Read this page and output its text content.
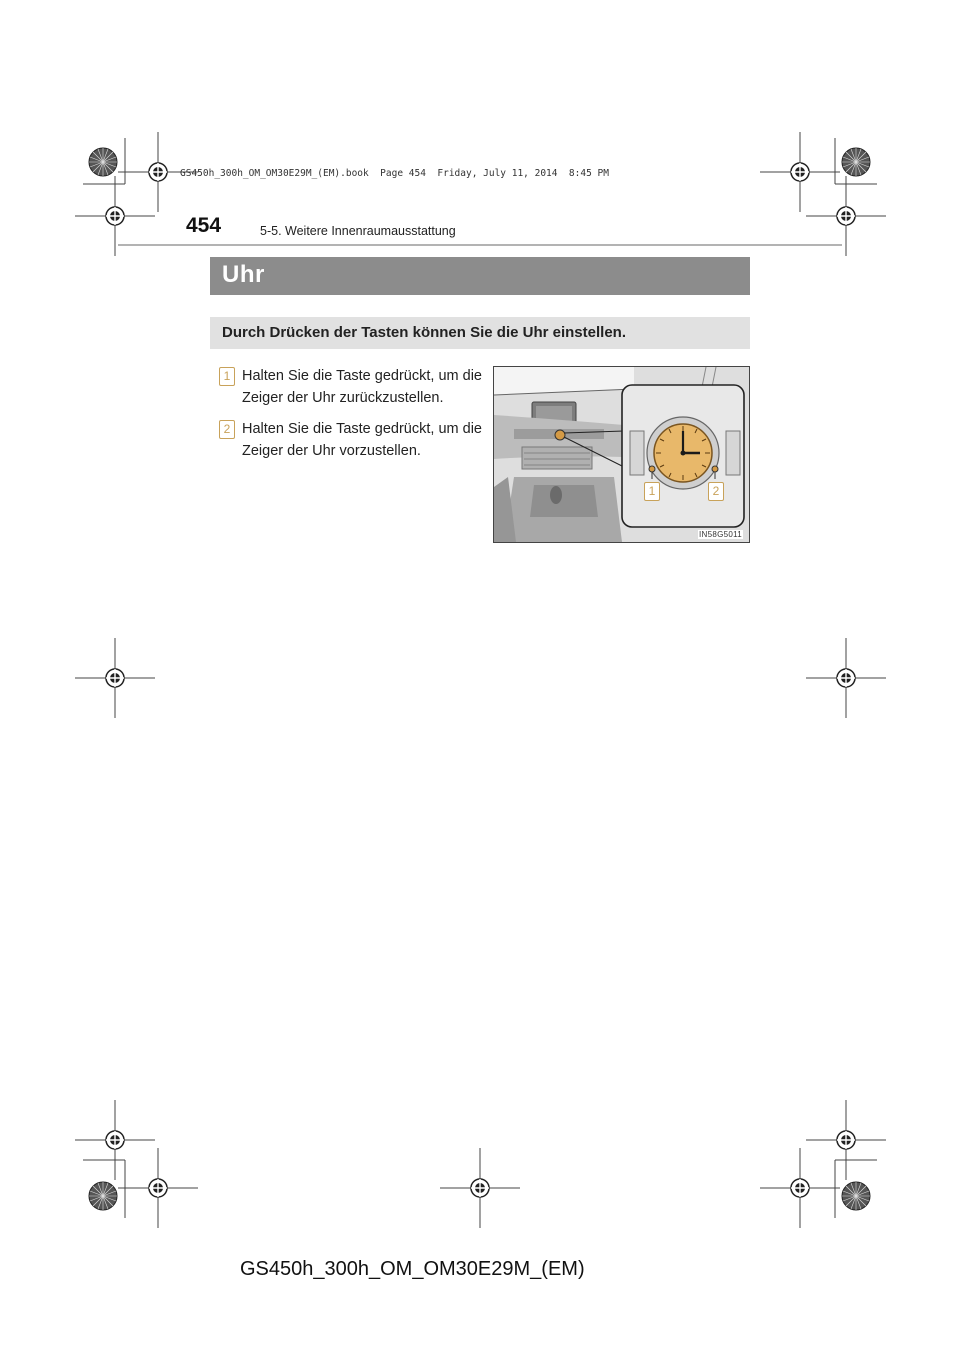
GS450h_300h_OM_OM30E29M_(EM).book  Page 454  Friday, July 11, 2014  8:45 PM
454	5-5. Weitere Innenraumausstattung
Uhr
Durch Drücken der Tasten können Sie die Uhr einstellen.
1 Halten Sie die Taste gedrückt, um die Zeiger der Uhr zurückzustellen.
2 Halten Sie die Taste gedrückt, um die Zeiger der Uhr vorzustellen.
1	2
IN58G5011
GS450h_300h_OM_OM30E29M_(EM)
